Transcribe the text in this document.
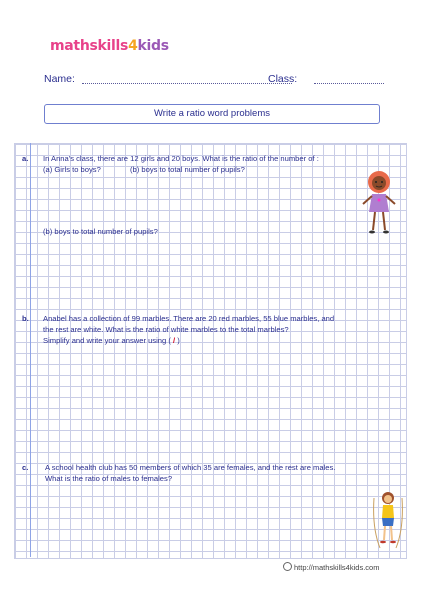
mathskills4kids
Name:	Class:
Write a ratio word problems
a. In Anna's class, there are 12 girls and 20 boys. What is the ratio of the number of :
(a) Girls to boys?	(b) boys to total number of pupils?
(b) boys to total number of pupils?
b. Anabel has a collection of 99 marbles. There are 20 red marbles, 55 blue marbles, and
the rest are white. What is the ratio of white marbles to the total marbles?
Simplify and write your answer using ( / )
c. A school health club has 50 members of which 35 are females, and the rest are males.
What is the ratio of males to females?
http://mathskills4kids.com
